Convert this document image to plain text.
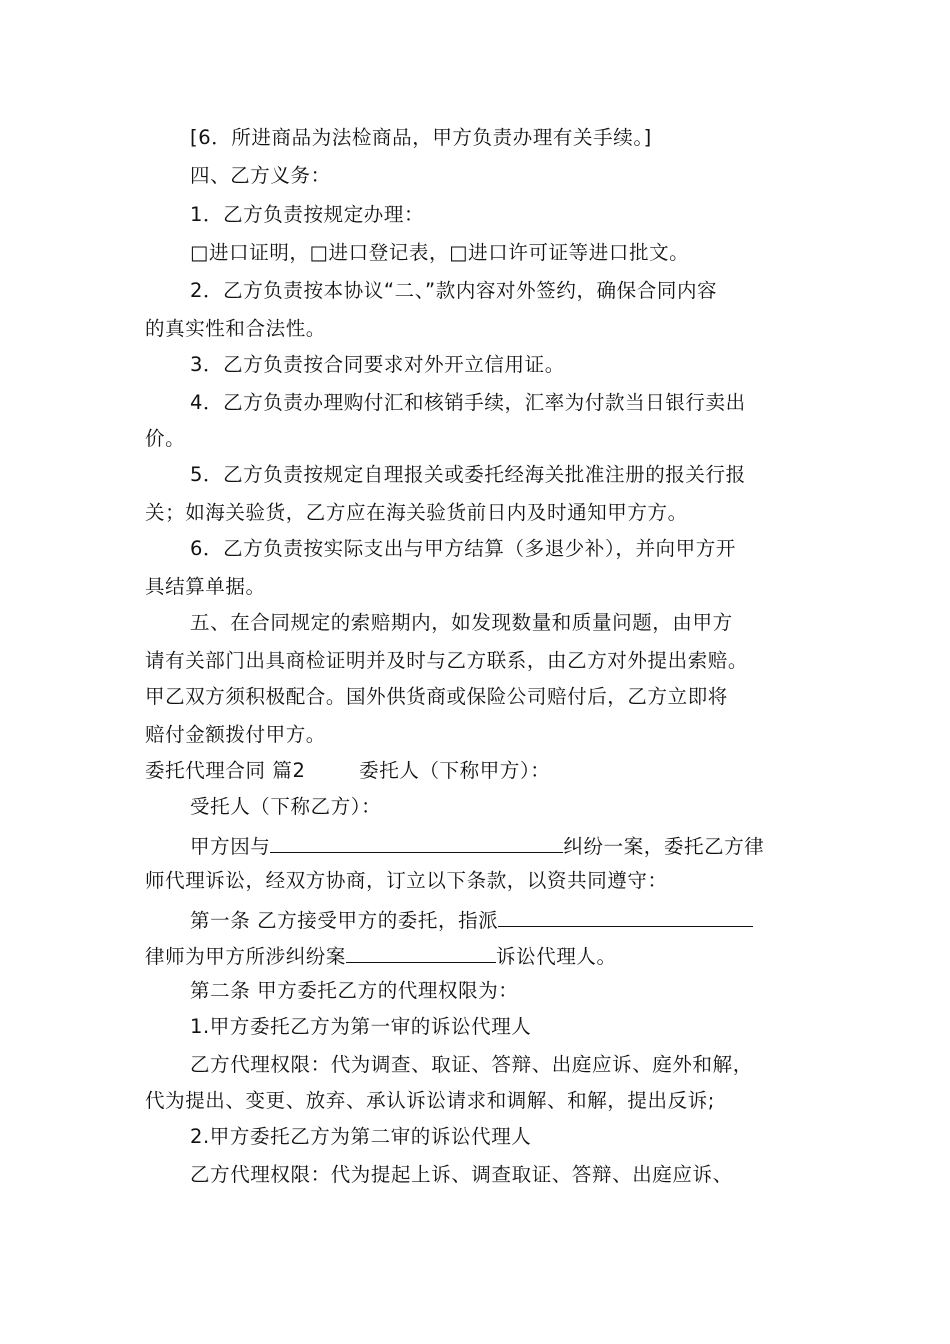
[6．所进商品为法检商品，甲方负责办理有关手续。]
四、乙方义务：
1．乙方负责按规定办理：
□进口证明，□进口登记表，□进口许可证等进口批文。
2．乙方负责按本协议“二、”款内容对外签约，确保合同内容
的真实性和合法性。
3．乙方负责按合同要求对外开立信用证。
4．乙方负责办理购付汇和核销手续，汇率为付款当日银行卖出
价。
5．乙方负责按规定自理报关或委托经海关批准注册的报关行报
关；如海关验货，乙方应在海关验货前日内及时通知甲方方。
6．乙方负责按实际支出与甲方结算（多退少补），并向甲方开
具结算单据。
五、在合同规定的索赔期内，如发现数量和质量问题，由甲方
请有关部门出具商检证明并及时与乙方联系，由乙方对外提出索赔。
甲乙双方须积极配合。国外供货商或保险公司赔付后，乙方立即将
赔付金额拨付甲方。
委托代理合同 篇2	委托人（下称甲方）：
受托人（下称乙方）：
甲方因与	纠纷一案，委托乙方律
师代理诉讼，经双方协商，订立以下条款，以资共同遵守：
第一条 乙方接受甲方的委托，指派
律师为甲方所涉纠纷案	诉讼代理人。
第二条 甲方委托乙方的代理权限为：
1.甲方委托乙方为第一审的诉讼代理人
乙方代理权限：代为调查、取证、答辩、出庭应诉、庭外和解，
代为提出、变更、放弃、承认诉讼请求和调解、和解，提出反诉;
2.甲方委托乙方为第二审的诉讼代理人
乙方代理权限：代为提起上诉、调查取证、答辩、出庭应诉、
